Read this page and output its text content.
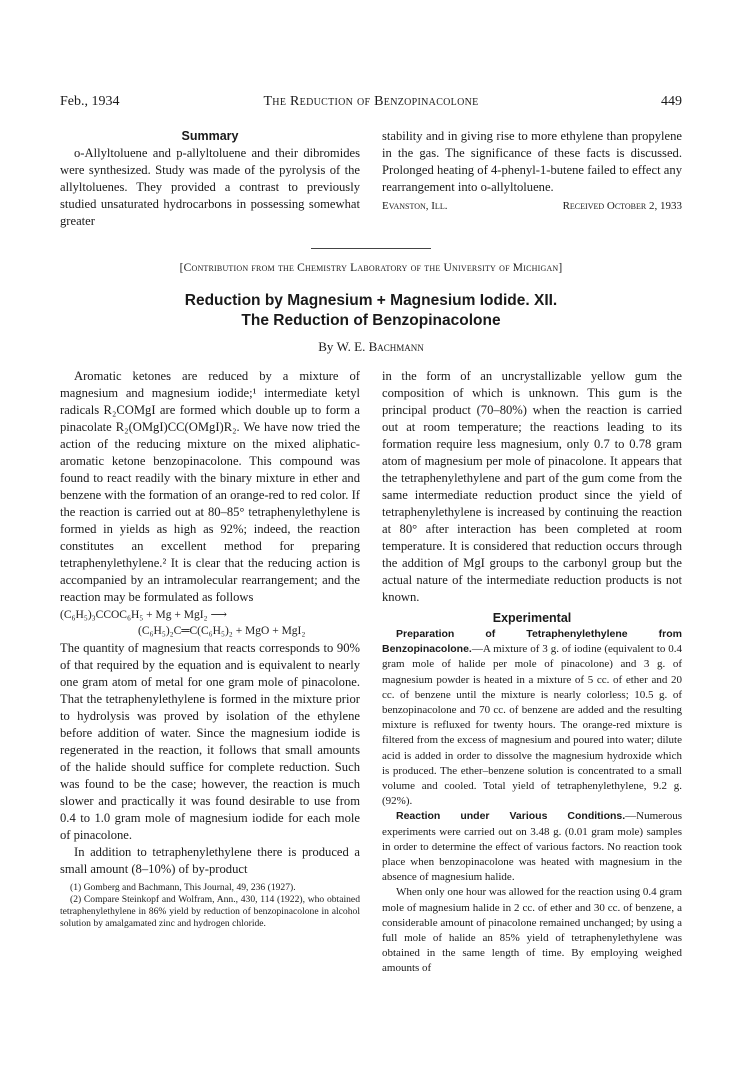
Feb., 1934	The Reduction of Benzopinacolone	449

Summary

o-Allyltoluene and p-allyltoluene and their dibromides were synthesized. Study was made of the pyrolysis of the allyltoluenes. They provided a contrast to previously studied unsaturated hydrocarbons in possessing somewhat greater

stability and in giving rise to more ethylene than propylene in the gas. The significance of these facts is discussed. Prolonged heating of 4-phenyl-1-butene failed to effect any rearrangement into o-allyltoluene.

Evanston, Ill.	Received October 2, 1933
[Contribution from the Chemistry Laboratory of the University of Michigan]
Reduction by Magnesium + Magnesium Iodide. XII.
The Reduction of Benzopinacolone
By W. E. Bachmann

Aromatic ketones are reduced by a mixture of magnesium and magnesium iodide;¹ intermediate ketyl radicals R₂COMgI are formed which double up to form a pinacolate R₂(OMgI)CC(OMgI)R₂. We have now tried the action of the reducing mixture on the mixed aliphatic-aromatic ketone benzopinacolone. This compound was found to react readily with the binary mixture in ether and benzene with the formation of an orange-red to red color. If the reaction is carried out at 80–85° tetraphenylethylene is formed in yields as high as 92%; indeed, the reaction constitutes an excellent method for preparing tetraphenylethylene.² It is clear that the reducing action is accompanied by an intramolecular rearrangement; and the reaction may be formulated as follows

(C₆H₅)₃CCOC₆H₅ + Mg + MgI₂ ⟶
(C₆H₅)₂C═C(C₆H₅)₂ + MgO + MgI₂

The quantity of magnesium that reacts corresponds to 90% of that required by the equation and is equivalent to nearly one gram atom of metal for one gram mole of pinacolone. That the tetraphenylethylene is formed in the mixture prior to hydrolysis was proved by isolation of the ethylene before addition of water. Since the magnesium iodide is regenerated in the reaction, it follows that small amounts of the halide should suffice for complete reduction. Such was found to be the case; however, the reaction is much slower and practically it was found desirable to use from 0.4 to 1.0 gram mole of magnesium iodide for each mole of pinacolone.

In addition to tetraphenylethylene there is produced a small amount (8–10%) of by-product

(1) Gomberg and Bachmann, This Journal, 49, 236 (1927).

(2) Compare Steinkopf and Wolfram, Ann., 430, 114 (1922), who obtained tetraphenylethylene in 86% yield by reduction of benzopinacolone in alcohol solution by amalgamated zinc and hydrogen chloride.

in the form of an uncrystallizable yellow gum the composition of which is unknown. This gum is the principal product (70–80%) when the reaction is carried out at room temperature; the reactions leading to its formation require less magnesium, only 0.7 to 0.78 gram atom of magnesium per mole of pinacolone. It appears that the tetraphenylethylene and part of the gum come from the same intermediate reduction product since the yield of tetraphenylethylene is increased by continuing the reaction at 80° after interaction has been completed at room temperature. It is considered that reduction occurs through the addition of MgI groups to the carbonyl group but the actual nature of the intermediate reduction products is not known.

Experimental

Preparation of Tetraphenylethylene from Benzopinacolone.—A mixture of 3 g. of iodine (equivalent to 0.4 gram mole of halide per mole of pinacolone) and 3 g. of magnesium powder is heated in a mixture of 5 cc. of ether and 20 cc. of benzene until the mixture is nearly colorless; 10.5 g. of benzopinacolone and 70 cc. of benzene are added and the resulting mixture is refluxed for twenty hours. The orange-red mixture is filtered from the excess of magnesium and poured into water; dilute acid is added in order to dissolve the magnesium hydroxide which is produced. The ether–benzene solution is concentrated to a small volume and cooled. Total yield of tetraphenylethylene, 9.2 g. (92%).

Reaction under Various Conditions.—Numerous experiments were carried out on 3.48 g. (0.01 gram mole) samples in order to determine the effect of various factors. No reaction took place when benzopinacolone was heated with magnesium in the absence of magnesium halide.

When only one hour was allowed for the reaction using 0.4 gram mole of magnesium halide in 2 cc. of ether and 30 cc. of benzene, a considerable amount of pinacolone remained unchanged; by using a full mole of halide an 85% yield of tetraphenylethylene was obtained in the same length of time. By employing weighed amounts of
